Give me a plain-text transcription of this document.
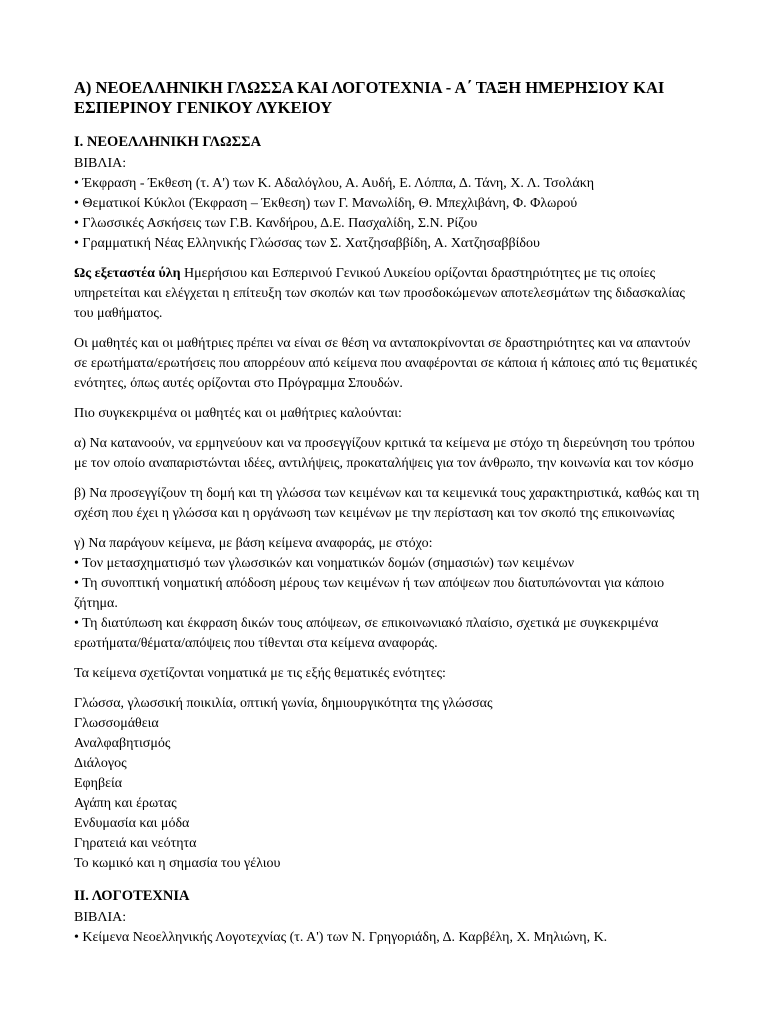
Α) ΝΕΟΕΛΛΗΝΙΚΗ ΓΛΩΣΣΑ ΚΑΙ ΛΟΓΟΤΕΧΝΙΑ - Α΄ ΤΑΞΗ ΗΜΕΡΗΣΙΟΥ ΚΑΙ ΕΣΠΕΡΙΝΟΥ ΓΕΝΙΚΟΥ ΛΥΚΕΙΟΥ
Ι. ΝΕΟΕΛΛΗΝΙΚΗ ΓΛΩΣΣΑ
ΒΙΒΛΙΑ:
• Έκφραση - Έκθεση (τ. Α') των Κ. Αδαλόγλου, Α. Αυδή, Ε. Λόππα, Δ. Τάνη, Χ. Λ. Τσολάκη
• Θεματικοί Κύκλοι (Έκφραση – Έκθεση) των Γ. Μανωλίδη, Θ. Μπεχλιβάνη, Φ. Φλωρού
• Γλωσσικές Ασκήσεις των Γ.Β. Κανδήρου, Δ.Ε. Πασχαλίδη, Σ.Ν. Ρίζου
• Γραμματική Νέας Ελληνικής Γλώσσας των Σ. Χατζησαββίδη, Α. Χατζησαββίδου

Ως εξεταστέα ύλη Ημερήσιου και Εσπερινού Γενικού Λυκείου ορίζονται δραστηριότητες με τις οποίες υπηρετείται και ελέγχεται η επίτευξη των σκοπών και των προσδοκώμενων αποτελεσμάτων της διδασκαλίας του μαθήματος.

Οι μαθητές και οι μαθήτριες πρέπει να είναι σε θέση να ανταποκρίνονται σε δραστηριότητες και να απαντούν σε ερωτήματα/ερωτήσεις που απορρέουν από κείμενα που αναφέρονται σε κάποια ή κάποιες από τις θεματικές ενότητες, όπως αυτές ορίζονται στο Πρόγραμμα Σπουδών.

Πιο συγκεκριμένα οι μαθητές και οι μαθήτριες καλούνται:

α) Να κατανοούν, να ερμηνεύουν και να προσεγγίζουν κριτικά τα κείμενα με στόχο τη διερεύνηση του τρόπου με τον οποίο αναπαριστώνται ιδέες, αντιλήψεις, προκαταλήψεις για τον άνθρωπο, την κοινωνία και τον κόσμο

β) Να προσεγγίζουν τη δομή και τη γλώσσα των κειμένων και τα κειμενικά τους χαρακτηριστικά, καθώς και τη σχέση που έχει η γλώσσα και η οργάνωση των κειμένων με την περίσταση και τον σκοπό της επικοινωνίας

γ) Να παράγουν κείμενα, με βάση κείμενα αναφοράς, με στόχο:
• Τον μετασχηματισμό των γλωσσικών και νοηματικών δομών (σημασιών) των κειμένων
• Τη συνοπτική νοηματική απόδοση μέρους των κειμένων ή των απόψεων που διατυπώνονται για κάποιο ζήτημα.
• Τη διατύπωση και έκφραση δικών τους απόψεων, σε επικοινωνιακό πλαίσιο, σχετικά με συγκεκριμένα ερωτήματα/θέματα/απόψεις που τίθενται στα κείμενα αναφοράς.

Τα κείμενα σχετίζονται νοηματικά με τις εξής θεματικές ενότητες:

Γλώσσα, γλωσσική ποικιλία, οπτική γωνία, δημιουργικότητα της γλώσσας
Γλωσσομάθεια
Αναλφαβητισμός
Διάλογος
Εφηβεία
Αγάπη και έρωτας
Ενδυμασία και μόδα
Γηρατειά και νεότητα
Το κωμικό και η σημασία του γέλιου
ΙΙ. ΛΟΓΟΤΕΧΝΙΑ
ΒΙΒΛΙΑ:
• Κείμενα Νεοελληνικής Λογοτεχνίας (τ. Α') των Ν. Γρηγοριάδη, Δ. Καρβέλη, Χ. Μηλιώνη, Κ.
